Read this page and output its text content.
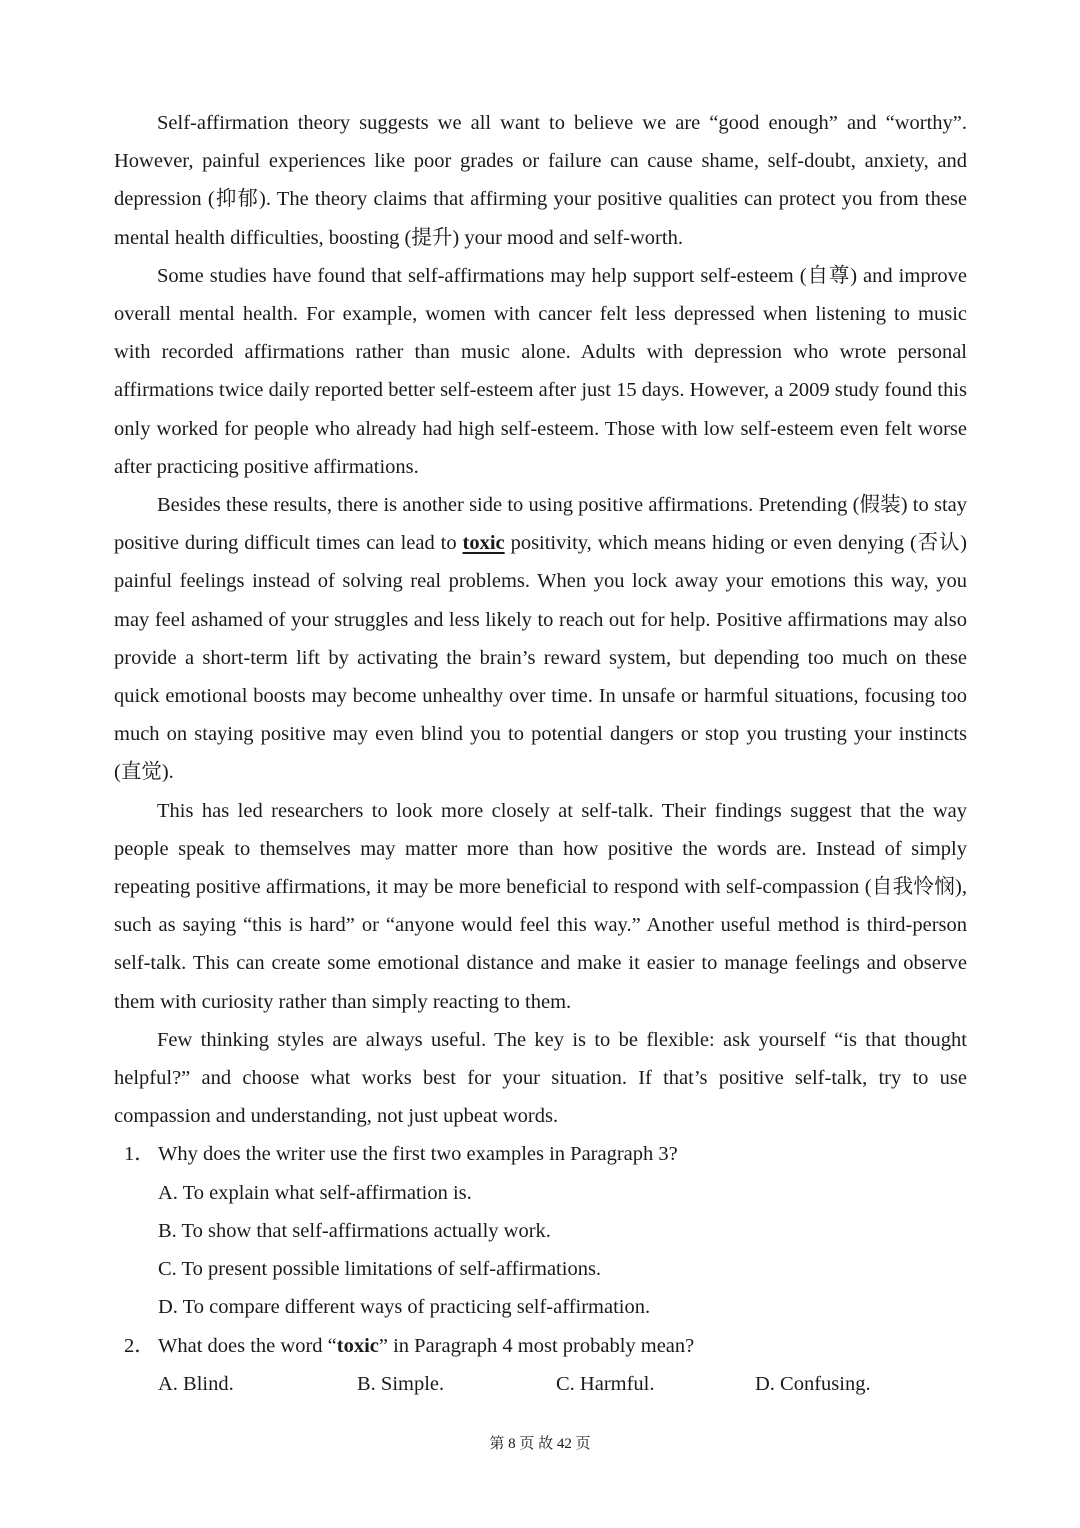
Self-affirmation theory suggests we all want to believe we are “good enough” and “worthy”. However, painful experiences like poor grades or failure can cause shame, self-doubt, anxiety, and depression (抑郁). The theory claims that affirming your positive qualities can protect you from these mental health difficulties, boosting (提升) your mood and self-worth.

Some studies have found that self-affirmations may help support self-esteem (自尊) and improve overall mental health. For example, women with cancer felt less depressed when listening to music with recorded affirmations rather than music alone. Adults with depression who wrote personal affirmations twice daily reported better self-esteem after just 15 days. However, a 2009 study found this only worked for people who already had high self-esteem. Those with low self-esteem even felt worse after practicing positive affirmations.

Besides these results, there is another side to using positive affirmations. Pretending (假装) to stay positive during difficult times can lead to toxic positivity, which means hiding or even denying (否认) painful feelings instead of solving real problems. When you lock away your emotions this way, you may feel ashamed of your struggles and less likely to reach out for help. Positive affirmations may also provide a short-term lift by activating the brain’s reward system, but depending too much on these quick emotional boosts may become unhealthy over time. In unsafe or harmful situations, focusing too much on staying positive may even blind you to potential dangers or stop you trusting your instincts (直觉).

This has led researchers to look more closely at self-talk. Their findings suggest that the way people speak to themselves may matter more than how positive the words are. Instead of simply repeating positive affirmations, it may be more beneficial to respond with self-compassion (自我怜悯), such as saying “this is hard” or “anyone would feel this way.” Another useful method is third-person self-talk. This can create some emotional distance and make it easier to manage feelings and observe them with curiosity rather than simply reacting to them.

Few thinking styles are always useful. The key is to be flexible: ask yourself “is that thought helpful?” and choose what works best for your situation. If that’s positive self-talk, try to use compassion and understanding, not just upbeat words.

1． Why does the writer use the first two examples in Paragraph 3?

A. To explain what self-affirmation is.

B. To show that self-affirmations actually work.

C. To present possible limitations of self-affirmations.

D. To compare different ways of practicing self-affirmation.

2． What does the word “toxic” in Paragraph 4 most probably mean?

A. Blind.	B. Simple.	C. Harmful.	D. Confusing.
第 8 页 故 42 页
